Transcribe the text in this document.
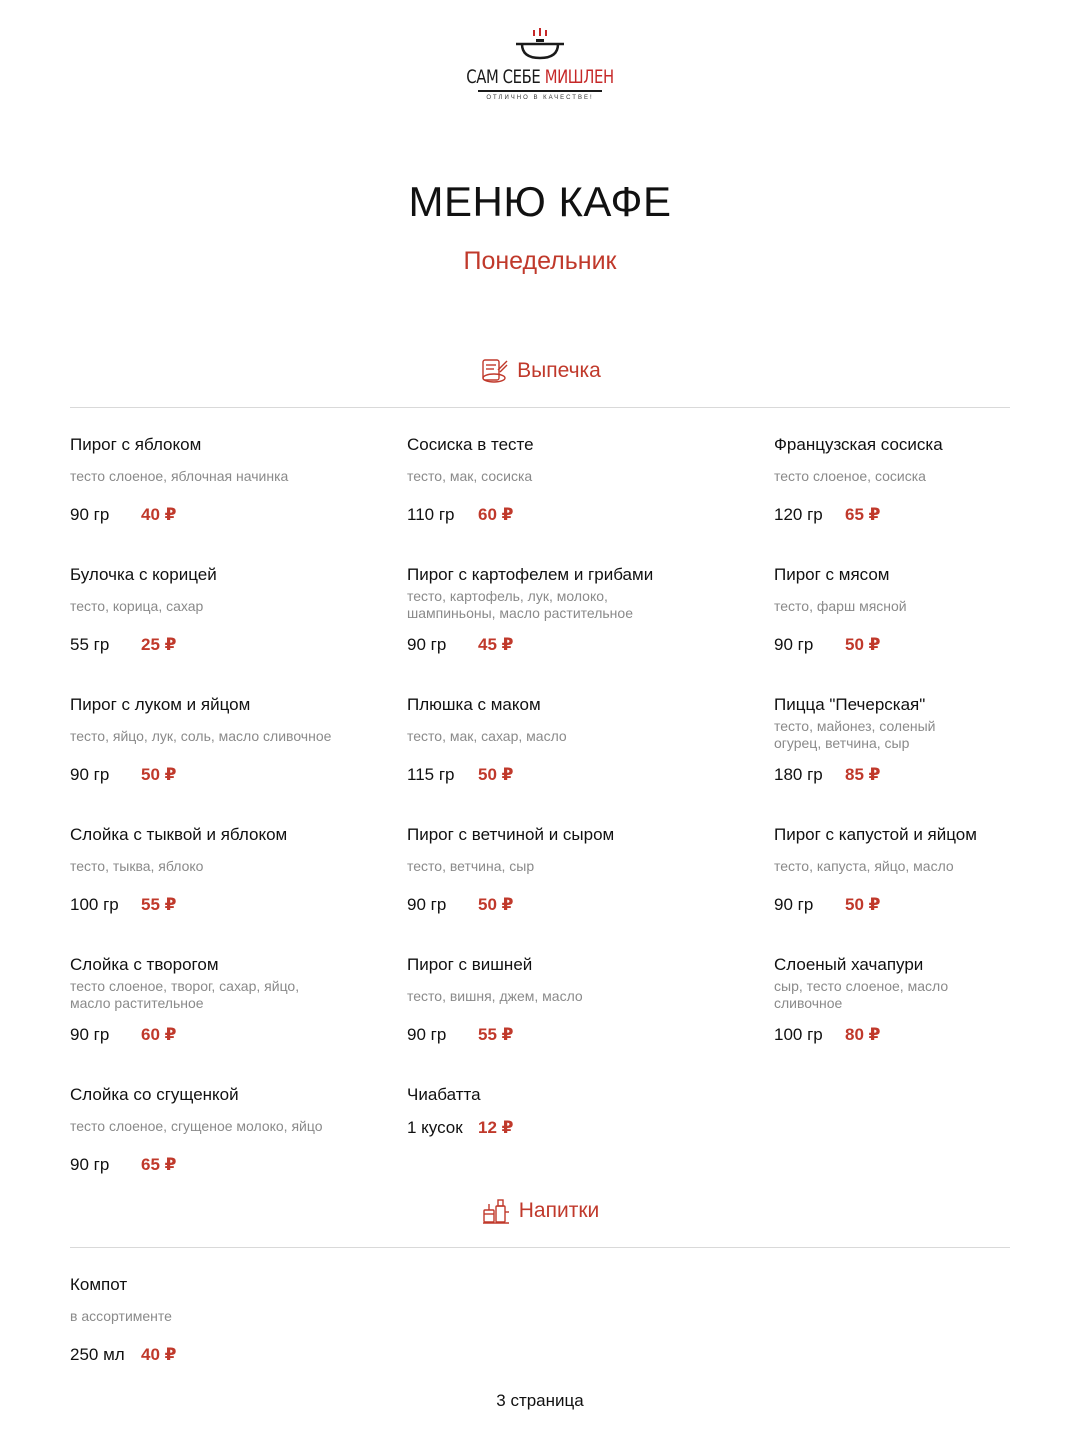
САМ СЕБЕ МИШЛЕН
ОТЛИЧНО В КАЧЕСТВЕ!
МЕНЮ КАФЕ
Понедельник
Выпечка
Пирог с яблоком
тесто слоеное, яблочная начинка
90 гр 40 ₽
Сосиска в тесте
тесто, мак, сосиска
110 гр 60 ₽
Французская сосиска
тесто слоеное, сосиска
120 гр 65 ₽
Булочка с корицей
тесто, корица, сахар
55 гр 25 ₽
Пирог с картофелем и грибами
тесто, картофель, лук, молоко, шампиньоны, масло растительное
90 гр 45 ₽
Пирог с мясом
тесто, фарш мясной
90 гр 50 ₽
Пирог с луком и яйцом
тесто, яйцо, лук, соль, масло сливочное
90 гр 50 ₽
Плюшка с маком
тесто, мак, сахар, масло
115 гр 50 ₽
Пицца "Печерская"
тесто, майонез, соленый огурец, ветчина, сыр
180 гр 85 ₽
Слойка с тыквой и яблоком
тесто, тыква, яблоко
100 гр 55 ₽
Пирог с ветчиной и сыром
тесто, ветчина, сыр
90 гр 50 ₽
Пирог с капустой и яйцом
тесто, капуста, яйцо, масло
90 гр 50 ₽
Слойка с творогом
тесто слоеное, творог, сахар, яйцо, масло растительное
90 гр 60 ₽
Пирог с вишней
тесто, вишня, джем, масло
90 гр 55 ₽
Слоеный хачапури
сыр, тесто слоеное, масло сливочное
100 гр 80 ₽
Слойка со сгущенкой
тесто слоеное, сгущеное молоко, яйцо
90 гр 65 ₽
Чиабатта
1 кусок 12 ₽
Напитки
Компот
в ассортименте
250 мл 40 ₽
3 страница
